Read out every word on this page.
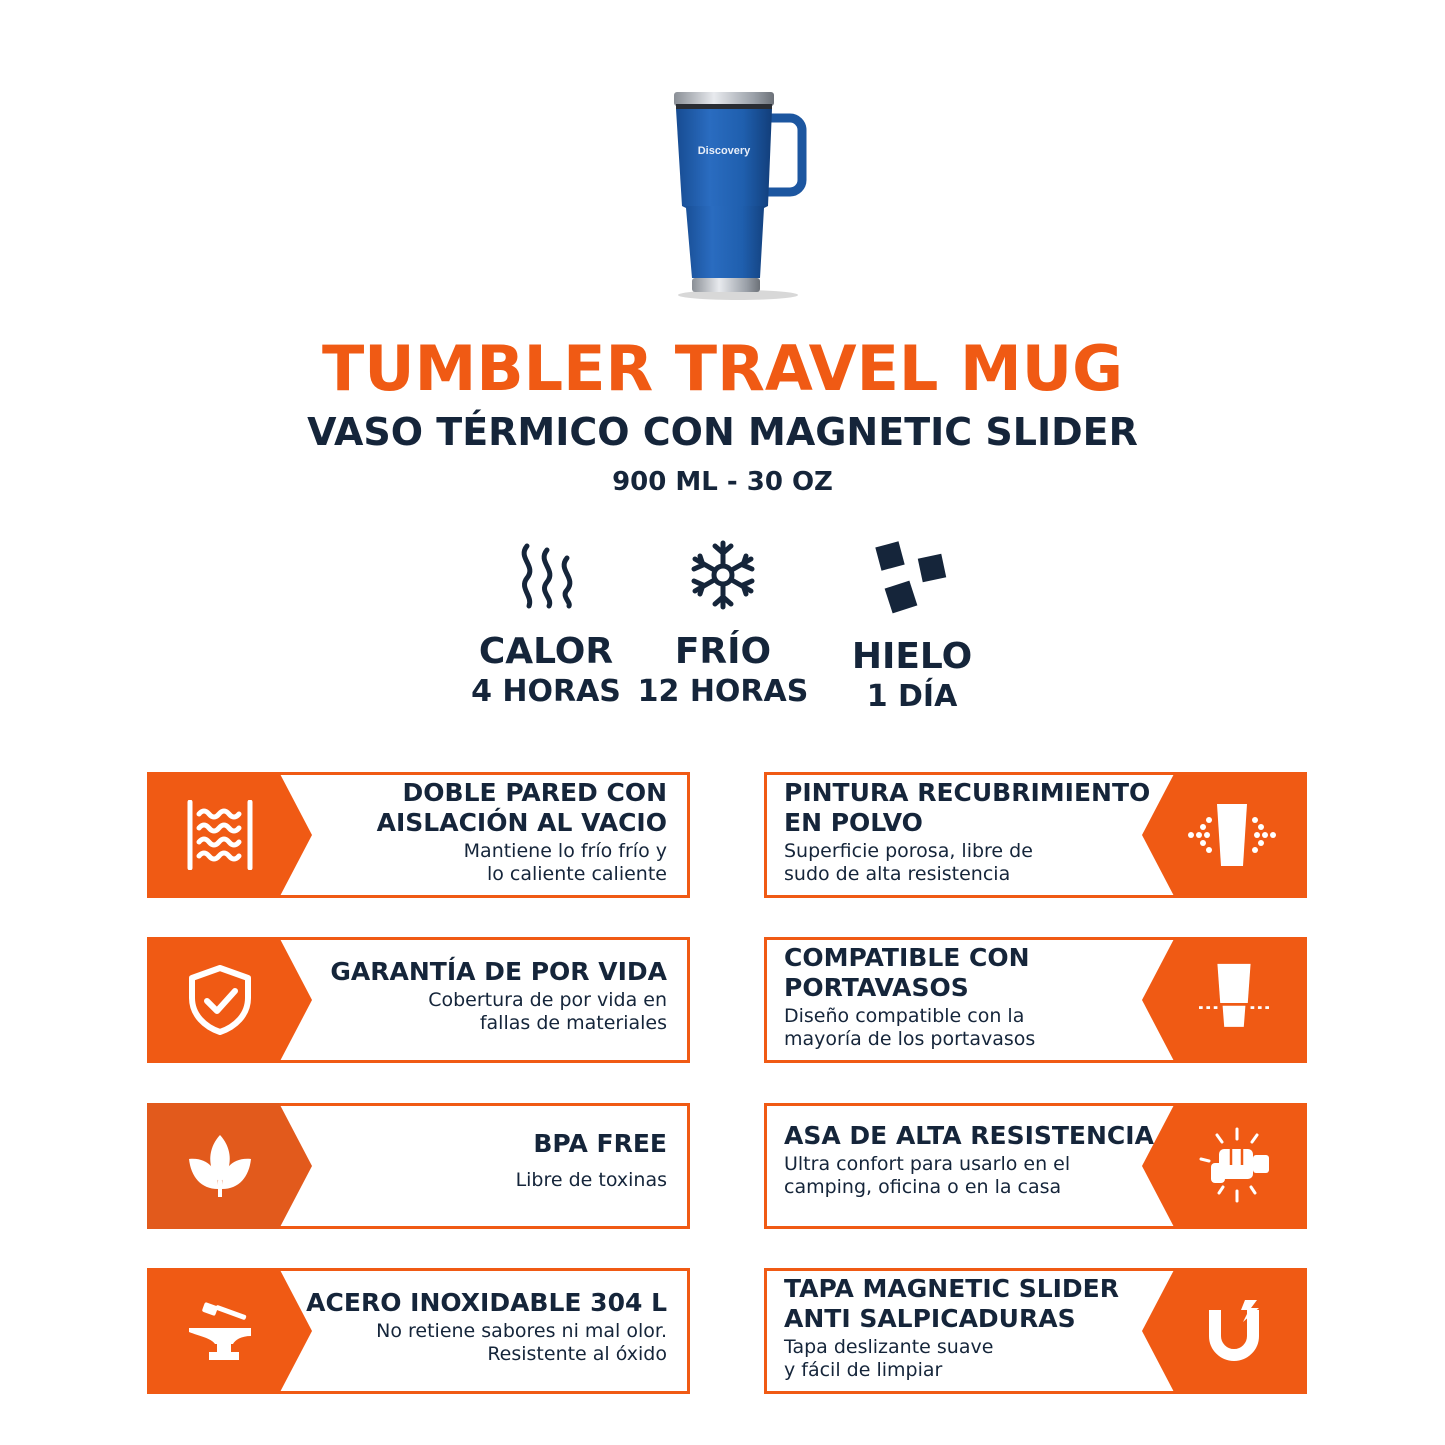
Discovery
TUMBLER TRAVEL MUG
VASO TÉRMICO CON MAGNETIC SLIDER
900 ML - 30 OZ
CALOR
4 HORAS
FRÍO
12 HORAS
HIELO
1 DÍA
DOBLE PARED CON
AISLACIÓN AL VACIO
Mantiene lo frío frío y
lo caliente caliente
PINTURA RECUBRIMIENTO
EN POLVO
Superficie porosa, libre de
sudo de alta resistencia
GARANTÍA DE POR VIDA
Cobertura de por vida en
fallas de materiales
COMPATIBLE CON
PORTAVASOS
Diseño compatible con la
mayoría de los portavasos
BPA FREE
Libre de toxinas
ASA DE ALTA RESISTENCIA
Ultra confort para usarlo en el
camping, oficina o en la casa
ACERO INOXIDABLE 304 L
No retiene sabores ni mal olor.
Resistente al óxido
TAPA MAGNETIC SLIDER
ANTI SALPICADURAS
Tapa deslizante suave
y fácil de limpiar
